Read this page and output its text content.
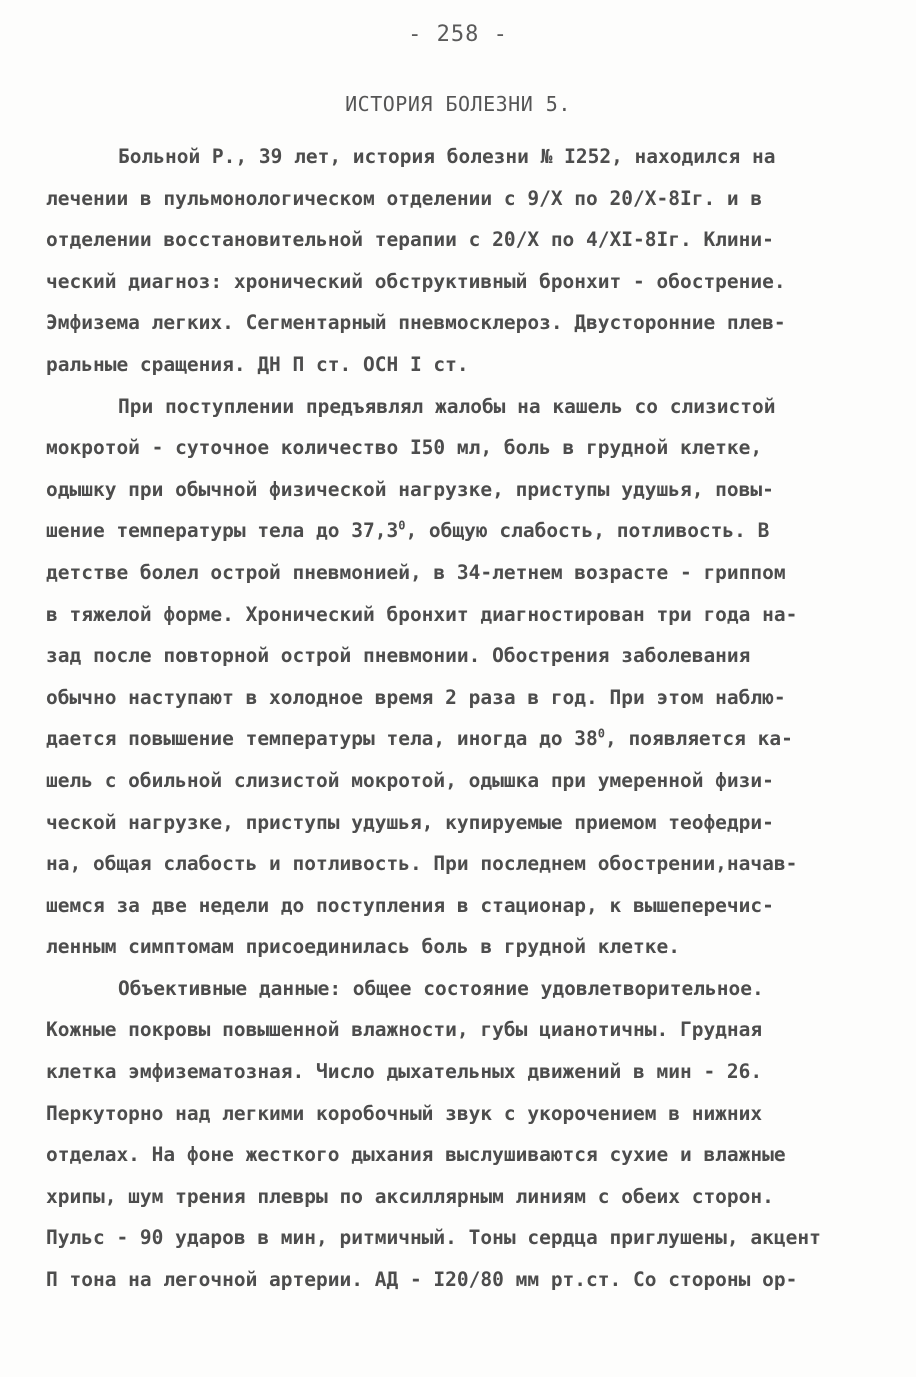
- 258 -
ИСТОРИЯ БОЛЕЗНИ 5.
Больной Р., 39 лет, история болезни № I252, находился на
лечении в пульмонологическом отделении с 9/Х по 20/Х-8Iг. и в
отделении восстановительной терапии с 20/Х по 4/ХI-8Iг. Клини-
ческий диагноз: хронический обструктивный бронхит - обострение.
Эмфизема легких. Сегментарный пневмосклероз. Двусторонние плев-
ральные сращения. ДН П ст. ОСН I ст.
При поступлении предъявлял жалобы на кашель со слизистой
мокротой - суточное количество I50 мл, боль в грудной клетке,
одышку при обычной физической нагрузке, приступы удушья, повы-
шение температуры тела до 37,3$^0$, общую слабость, потливость. В
детстве болел острой пневмонией, в 34-летнем возрасте - гриппом
в тяжелой форме. Хронический бронхит диагностирован три года на-
зад после повторной острой пневмонии. Обострения заболевания
обычно наступают в холодное время 2 раза в год. При этом наблю-
дается повышение температуры тела, иногда до $38^0$, появляется ка-
шель с обильной слизистой мокротой, одышка при умеренной физи-
ческой нагрузке, приступы удушья, купируемые приемом теофедри-
на, общая слабость и потливость. При последнем обострении,начав-
шемся за две недели до поступления в стационар, к вышеперечис-
ленным симптомам присоединилась боль в грудной клетке.
Объективные данные: общее состояние удовлетворительное.
Кожные покровы повышенной влажности, губы цианотичны. Грудная
клетка эмфизематозная. Число дыхательных движений в мин - 26.
Перкуторно над легкими коробочный звук с укорочением в нижних
отделах. На фоне жесткого дыхания выслушиваются сухие и влажные
хрипы, шум трения плевры по аксиллярным линиям с обеих сторон.
Пульс - 90 ударов в мин, ритмичный. Тоны сердца приглушены, акцент
П тона на легочной артерии. АД - I20/80 мм рт.ст. Со стороны ор-
